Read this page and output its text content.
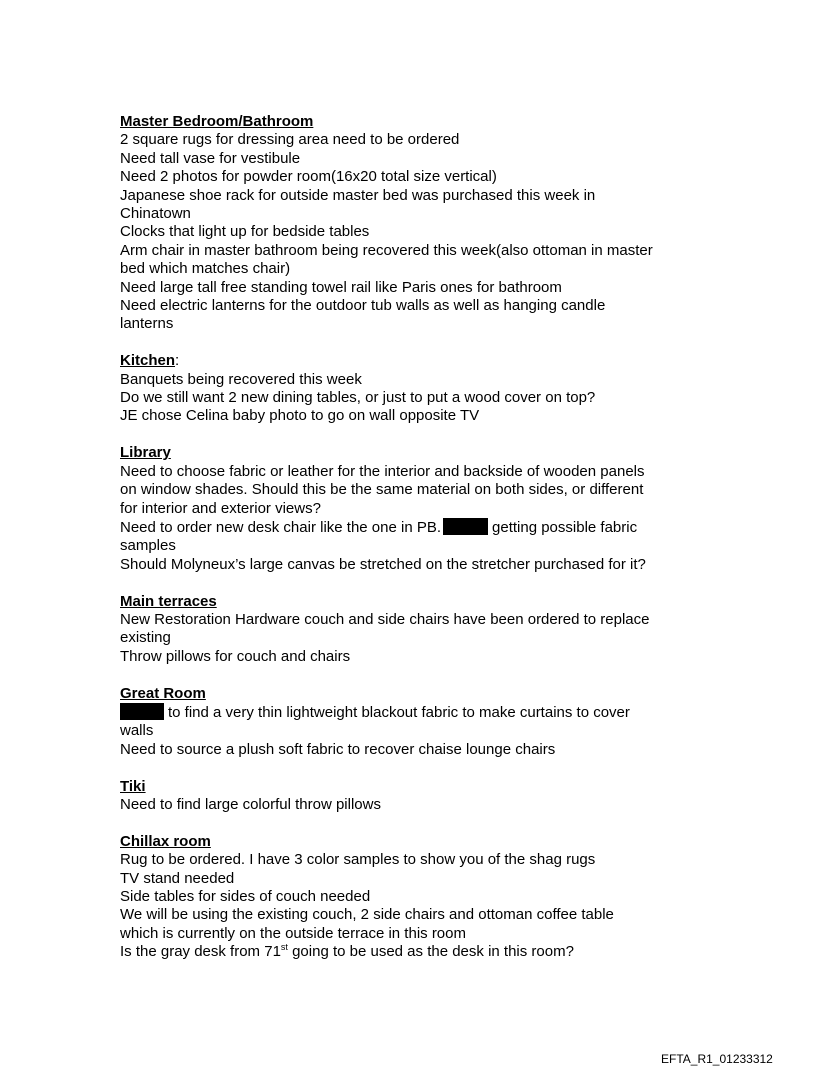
Master Bedroom/Bathroom
2 square rugs for dressing area need to be ordered
Need tall vase for vestibule
Need 2 photos for powder room(16x20 total size vertical)
Japanese shoe rack for outside master bed was purchased this week in
Chinatown
Clocks that light up for bedside tables
Arm chair in master bathroom being recovered this week(also ottoman in master
bed which matches chair)
Need large tall free standing towel rail like Paris ones for bathroom
Need electric lanterns for the outdoor tub walls as well as hanging candle
lanterns
Kitchen:
Banquets being recovered this week
Do we still want 2 new dining tables, or just to put a wood cover on top?
JE chose Celina baby photo to go on wall opposite TV
Library
Need to choose fabric or leather for the interior and backside of wooden panels
on window shades. Should this be the same material on both sides, or different
for interior and exterior views?
Need to order new desk chair like the one in PB.	getting possible fabric
samples
Should Molyneux’s large canvas be stretched on the stretcher purchased for it?
Main terraces
New Restoration Hardware couch and side chairs have been ordered to replace
existing
Throw pillows for couch and chairs
Great Room
to find a very thin lightweight blackout fabric to make curtains to cover
walls
Need to source a plush soft fabric to recover chaise lounge chairs
Tiki
Need to find large colorful throw pillows
Chillax room
Rug to be ordered. I have 3 color samples to show you of the shag rugs
TV stand needed
Side tables for sides of couch needed
We will be using the existing couch, 2 side chairs and ottoman coffee table
which is currently on the outside terrace in this room
Is the gray desk from 71st going to be used as the desk in this room?
EFTA_R1_01233312
